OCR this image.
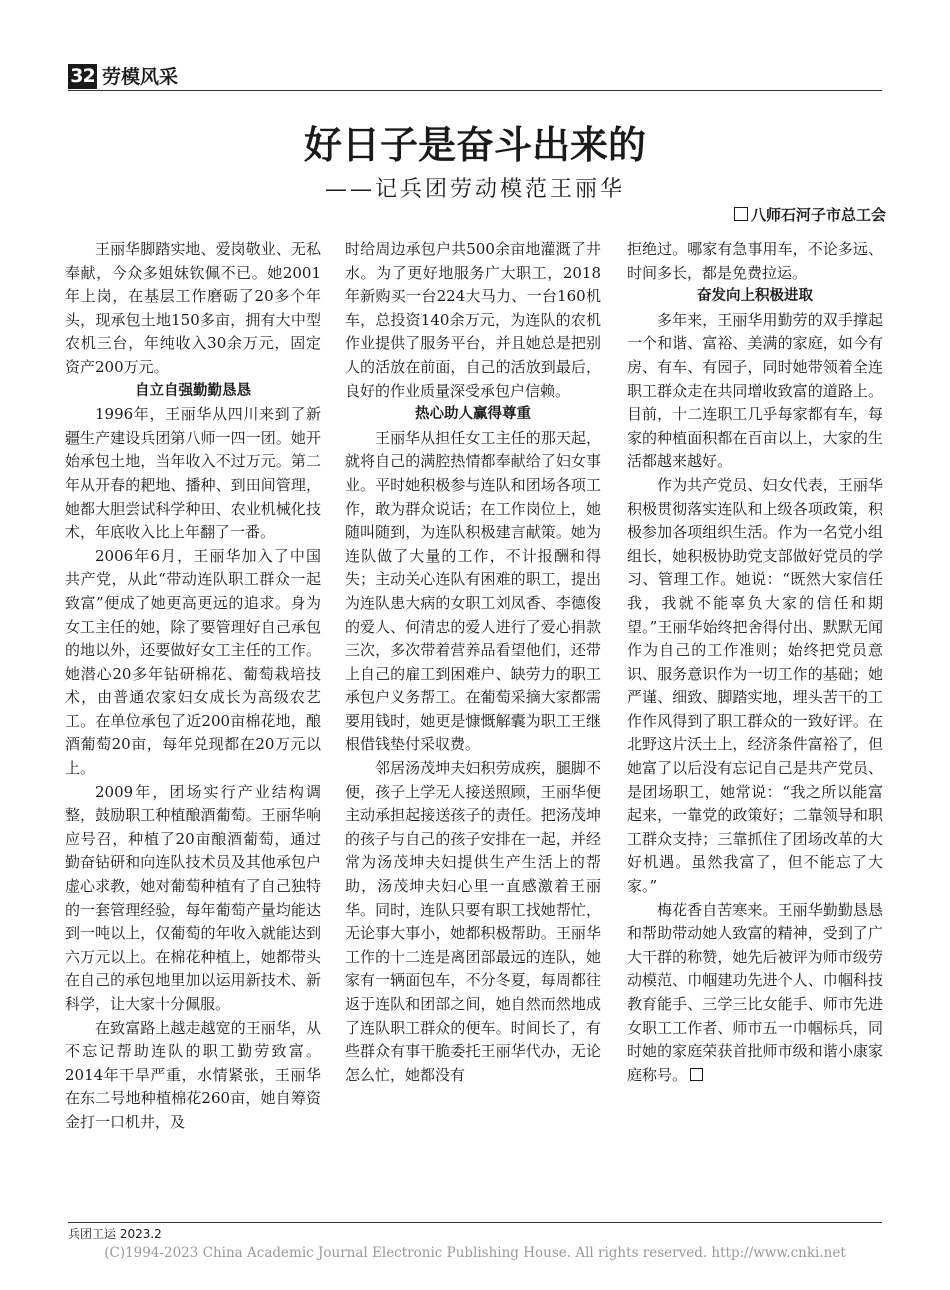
32 劳模风采
好日子是奋斗出来的
——记兵团劳动模范王丽华
八师石河子市总工会

王丽华脚踏实地、爱岗敬业、无私奉献，今众多姐妹钦佩不已。她2001年上岗，在基层工作磨砺了20多个年头，现承包土地150多亩，拥有大中型农机三台，年纯收入30余万元，固定资产200万元。

自立自强勤勤恳恳

1996年，王丽华从四川来到了新疆生产建设兵团第八师一四一团。她开始承包土地，当年收入不过万元。第二年从开春的耙地、播种、到田间管理，她都大胆尝试科学种田、农业机械化技术，年底收入比上年翻了一番。

2006年6月，王丽华加入了中国共产党，从此“带动连队职工群众一起致富”便成了她更高更远的追求。身为女工主任的她，除了要管理好自己承包的地以外，还要做好女工主任的工作。她潜心20多年钻研棉花、葡萄栽培技术，由普通农家妇女成长为高级农艺工。在单位承包了近200亩棉花地，酿酒葡萄20亩，每年兑现都在20万元以上。

2009年，团场实行产业结构调整，鼓励职工种植酿酒葡萄。王丽华响应号召，种植了20亩酿酒葡萄，通过勤奋钻研和向连队技术员及其他承包户虚心求教，她对葡萄种植有了自己独特的一套管理经验，每年葡萄产量均能达到一吨以上，仅葡萄的年收入就能达到六万元以上。在棉花种植上，她都带头在自己的承包地里加以运用新技术、新科学，让大家十分佩服。

在致富路上越走越宽的王丽华，从不忘记帮助连队的职工勤劳致富。2014年干旱严重，水情紧张，王丽华在东二号地种植棉花260亩，她自筹资金打一口机井，及

时给周边承包户共500余亩地灌溉了井水。为了更好地服务广大职工，2018年新购买一台224大马力、一台160机车，总投资140余万元，为连队的农机作业提供了服务平台，并且她总是把别人的活放在前面，自己的活放到最后，良好的作业质量深受承包户信赖。

热心助人赢得尊重

王丽华从担任女工主任的那天起，就将自己的满腔热情都奉献给了妇女事业。平时她积极参与连队和团场各项工作，敢为群众说话；在工作岗位上，她随叫随到，为连队积极建言献策。她为连队做了大量的工作，不计报酬和得失；主动关心连队有困难的职工，提出为连队患大病的女职工刘凤香、李德俊的爱人、何清忠的爱人进行了爱心捐款三次，多次带着营养品看望他们，还带上自己的雇工到困难户、缺劳力的职工承包户义务帮工。在葡萄采摘大家都需要用钱时，她更是慷慨解囊为职工王继根借钱垫付采収费。

邻居汤茂坤夫妇积劳成疾，腿脚不便，孩子上学无人接送照顾，王丽华便主动承担起接送孩子的责任。把汤茂坤的孩子与自己的孩子安排在一起，并经常为汤茂坤夫妇提供生产生活上的帮助，汤茂坤夫妇心里一直感激着王丽华。同时，连队只要有职工找她帮忙，无论事大事小，她都积极帮助。王丽华工作的十二连是离团部最远的连队，她家有一辆面包车，不分冬夏，每周都往返于连队和团部之间，她自然而然地成了连队职工群众的便车。时间长了，有些群众有事干脆委托王丽华代办，无论怎么忙，她都没有

拒绝过。哪家有急事用车，不论多远、时间多长，都是免费拉运。

奋发向上积极进取

多年来，王丽华用勤劳的双手撑起一个和谐、富裕、美满的家庭，如今有房、有车、有园子，同时她带领着全连职工群众走在共同增收致富的道路上。目前，十二连职工几乎每家都有车，每家的种植面积都在百亩以上，大家的生活都越来越好。

作为共产党员、妇女代表，王丽华积极贯彻落实连队和上级各项政策，积极参加各项组织生活。作为一名党小组组长，她积极协助党支部做好党员的学习、管理工作。她说：“既然大家信任我，我就不能辜负大家的信任和期望。”王丽华始终把舍得付出、默默无闻作为自己的工作准则；始终把党员意识、服务意识作为一切工作的基础；她严谨、细致、脚踏实地，埋头苦干的工作作风得到了职工群众的一致好评。在北野这片沃土上，经济条件富裕了，但她富了以后没有忘记自己是共产党员、是团场职工，她常说：“我之所以能富起来，一靠党的政策好；二靠领导和职工群众支持；三靠抓住了团场改革的大好机遇。虽然我富了，但不能忘了大家。”

梅花香自苦寒来。王丽华勤勤恳恳和帮助带动她人致富的精神，受到了广大干群的称赞，她先后被评为师市级劳动模范、巾帼建功先进个人、巾帼科技教育能手、三学三比女能手、师市先进女职工工作者、师市五一巾帼标兵，同时她的家庭荣获首批师市级和谐小康家庭称号。

兵团工运 2023.2
(C)1994-2023 China Academic Journal Electronic Publishing House. All rights reserved. http://www.cnki.net
